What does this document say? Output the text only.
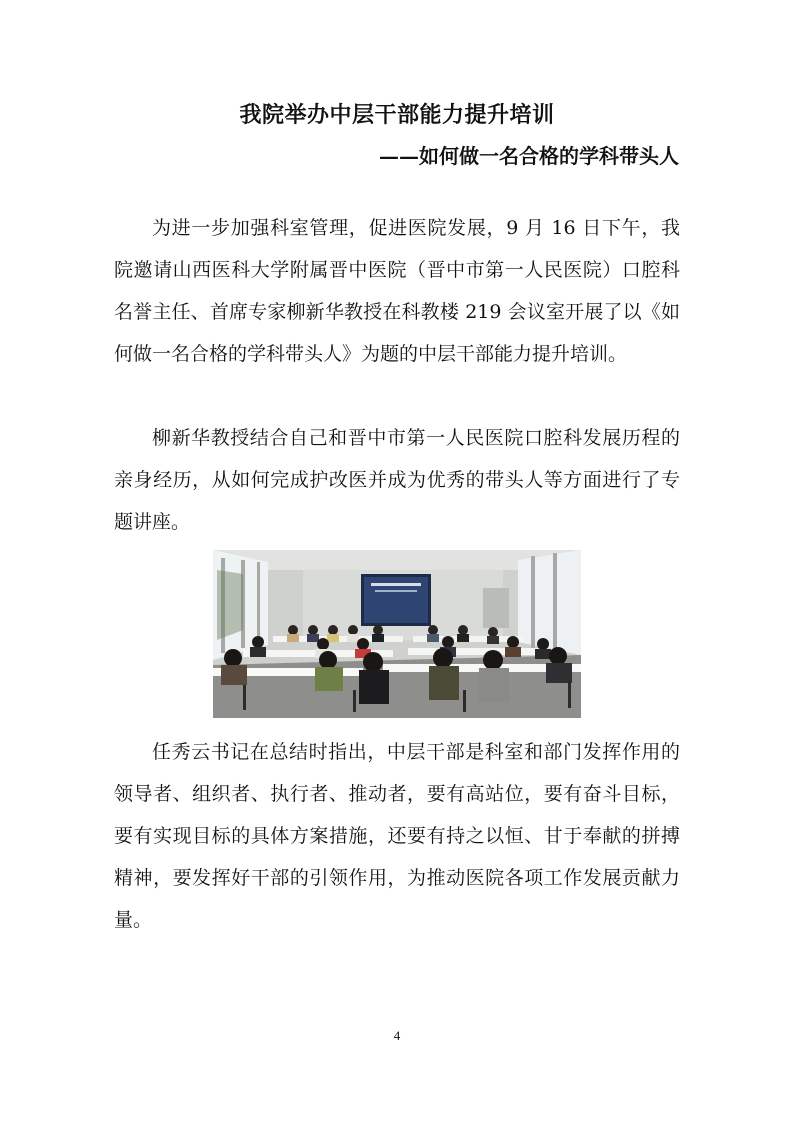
我院举办中层干部能力提升培训
——如何做一名合格的学科带头人

为进一步加强科室管理，促进医院发展，9 月 16 日下午，我院邀请山西医科大学附属晋中医院（晋中市第一人民医院）口腔科名誉主任、首席专家柳新华教授在科教楼 219 会议室开展了以《如何做一名合格的学科带头人》为题的中层干部能力提升培训。

柳新华教授结合自己和晋中市第一人民医院口腔科发展历程的亲身经历，从如何完成护改医并成为优秀的带头人等方面进行了专题讲座。

任秀云书记在总结时指出，中层干部是科室和部门发挥作用的领导者、组织者、执行者、推动者，要有高站位，要有奋斗目标，要有实现目标的具体方案措施，还要有持之以恒、甘于奉献的拼搏精神，要发挥好干部的引领作用，为推动医院各项工作发展贡献力量。

4
